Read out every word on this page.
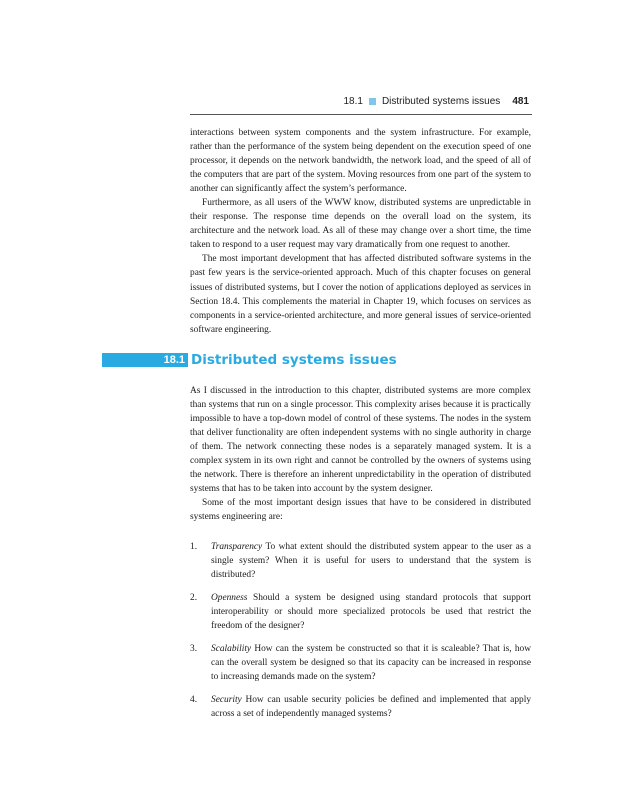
18.1 Distributed systems issues 481

interactions between system components and the system infrastructure. For example, rather than the performance of the system being dependent on the execution speed of one processor, it depends on the network bandwidth, the network load, and the speed of all of the computers that are part of the system. Moving resources from one part of the system to another can significantly affect the system’s performance.

Furthermore, as all users of the WWW know, distributed systems are unpredictable in their response. The response time depends on the overall load on the system, its architecture and the network load. As all of these may change over a short time, the time taken to respond to a user request may vary dramatically from one request to another.

The most important development that has affected distributed software systems in the past few years is the service-oriented approach. Much of this chapter focuses on general issues of distributed systems, but I cover the notion of applications deployed as services in Section 18.4. This complements the material in Chapter 19, which focuses on services as components in a service-oriented architecture, and more general issues of service-oriented software engineering.

18.1 Distributed systems issues

As I discussed in the introduction to this chapter, distributed systems are more complex than systems that run on a single processor. This complexity arises because it is practically impossible to have a top-down model of control of these systems. The nodes in the system that deliver functionality are often independent systems with no single authority in charge of them. The network connecting these nodes is a separately managed system. It is a complex system in its own right and cannot be controlled by the owners of systems using the network. There is therefore an inherent unpredictability in the operation of distributed systems that has to be taken into account by the system designer.

Some of the most important design issues that have to be considered in distributed systems engineering are:

1.	Transparency To what extent should the distributed system appear to the user as a single system? When it is useful for users to understand that the system is distributed?
2.	Openness Should a system be designed using standard protocols that support interoperability or should more specialized protocols be used that restrict the freedom of the designer?
3.	Scalability How can the system be constructed so that it is scaleable? That is, how can the overall system be designed so that its capacity can be increased in response to increasing demands made on the system?
4.	Security How can usable security policies be defined and implemented that apply across a set of independently managed systems?
